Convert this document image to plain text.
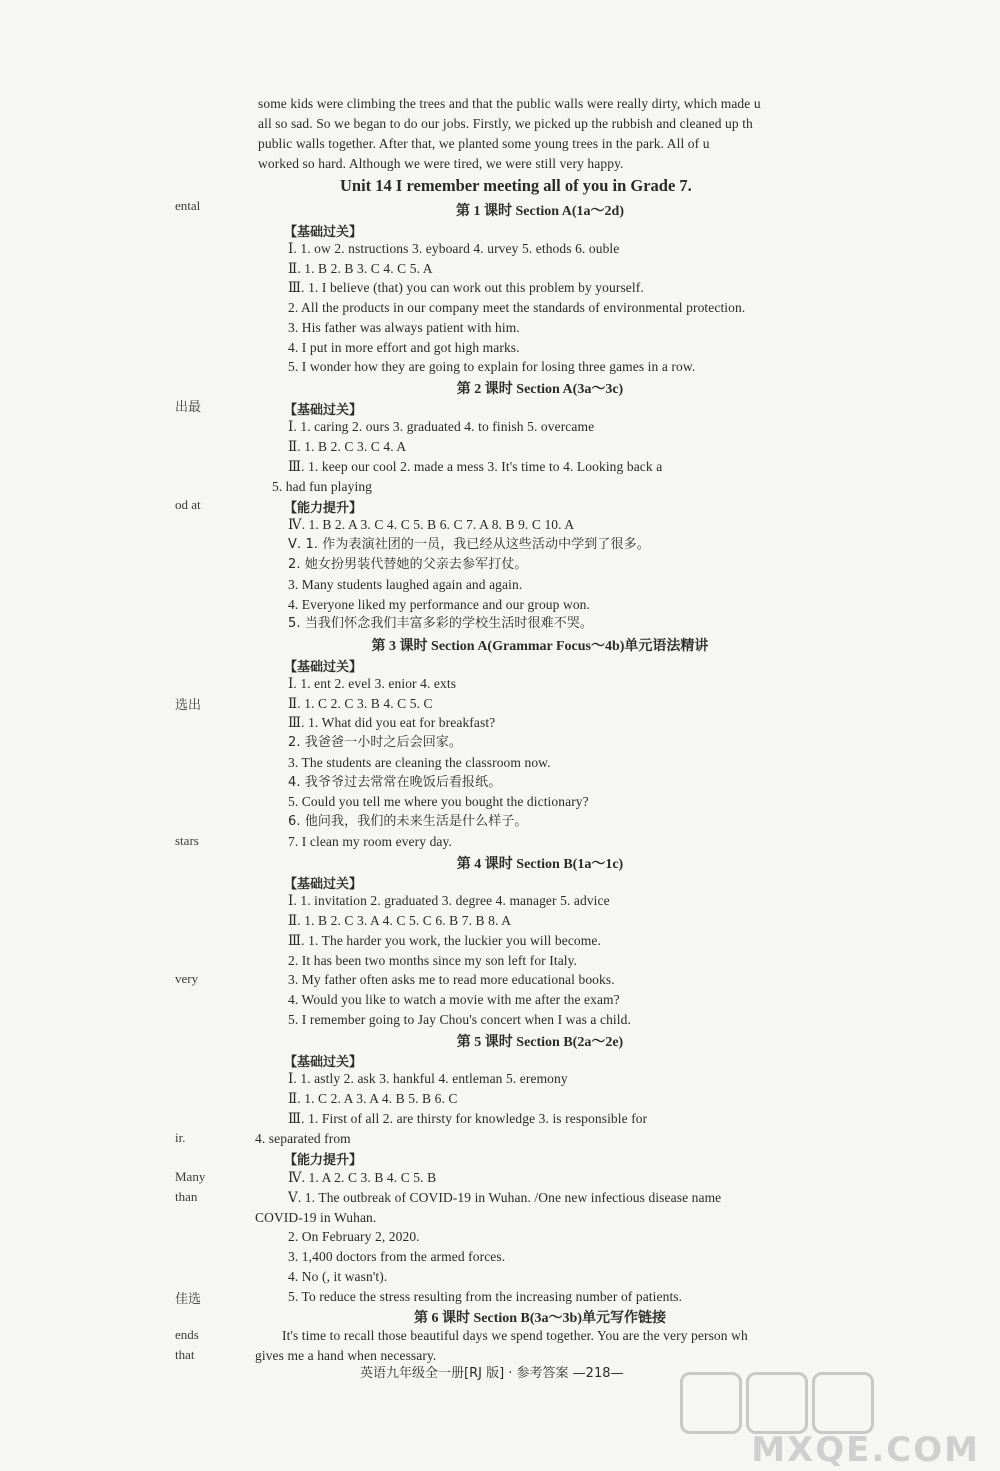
some kids were climbing the trees and that the public walls were really dirty, which made u
all so sad. So we began to do our jobs. Firstly, we picked up the rubbish and cleaned up th
public walls together. After that, we planted some young trees in the park. All of u
worked so hard. Although we were tired, we were still very happy.
Unit 14 I remember meeting all of you in Grade 7.
ental
出最
od at
选出
stars
very
ir.
Many
than
佳选
ends
that
第 1 课时 Section A(1a～2d)
【基础过关】
Ⅰ. 1. ow 2. nstructions 3. eyboard 4. urvey 5. ethods 6. ouble
Ⅱ. 1. B 2. B 3. C 4. C 5. A
Ⅲ. 1. I believe (that) you can work out this problem by yourself.
2. All the products in our company meet the standards of environmental protection.
3. His father was always patient with him.
4. I put in more effort and got high marks.
5. I wonder how they are going to explain for losing three games in a row.
第 2 课时 Section A(3a～3c)
【基础过关】
Ⅰ. 1. caring 2. ours 3. graduated 4. to finish 5. overcame
Ⅱ. 1. B 2. C 3. C 4. A
Ⅲ. 1. keep our cool 2. made a mess 3. It's time to 4. Looking back a
5. had fun playing
【能力提升】
Ⅳ. 1. B 2. A 3. C 4. C 5. B 6. C 7. A 8. B 9. C 10. A
Ⅴ. 1. 作为表演社团的一员，我已经从这些活动中学到了很多。
2. 她女扮男装代替她的父亲去参军打仗。
3. Many students laughed again and again.
4. Everyone liked my performance and our group won.
5. 当我们怀念我们丰富多彩的学校生活时很难不哭。
第 3 课时 Section A(Grammar Focus～4b)单元语法精讲
【基础过关】
Ⅰ. 1. ent 2. evel 3. enior 4. exts
Ⅱ. 1. C 2. C 3. B 4. C 5. C
Ⅲ. 1. What did you eat for breakfast?
2. 我爸爸一小时之后会回家。
3. The students are cleaning the classroom now.
4. 我爷爷过去常常在晚饭后看报纸。
5. Could you tell me where you bought the dictionary?
6. 他问我，我们的未来生活是什么样子。
7. I clean my room every day.
第 4 课时 Section B(1a～1c)
【基础过关】
Ⅰ. 1. invitation 2. graduated 3. degree 4. manager 5. advice
Ⅱ. 1. B 2. C 3. A 4. C 5. C 6. B 7. B 8. A
Ⅲ. 1. The harder you work, the luckier you will become.
2. It has been two months since my son left for Italy.
3. My father often asks me to read more educational books.
4. Would you like to watch a movie with me after the exam?
5. I remember going to Jay Chou's concert when I was a child.
第 5 课时 Section B(2a～2e)
【基础过关】
Ⅰ. 1. astly 2. ask 3. hankful 4. entleman 5. eremony
Ⅱ. 1. C 2. A 3. A 4. B 5. B 6. C
Ⅲ. 1. First of all 2. are thirsty for knowledge 3. is responsible for
4. separated from
【能力提升】
Ⅳ. 1. A 2. C 3. B 4. C 5. B
Ⅴ. 1. The outbreak of COVID-19 in Wuhan. /One new infectious disease name
COVID-19 in Wuhan.
2. On February 2, 2020.
3. 1,400 doctors from the armed forces.
4. No (, it wasn't).
5. To reduce the stress resulting from the increasing number of patients.
第 6 课时 Section B(3a～3b)单元写作链接
It's time to recall those beautiful days we spend together. You are the very person wh
gives me a hand when necessary.
英语九年级全一册[RJ 版] · 参考答案 —218—
MXQE.COM
